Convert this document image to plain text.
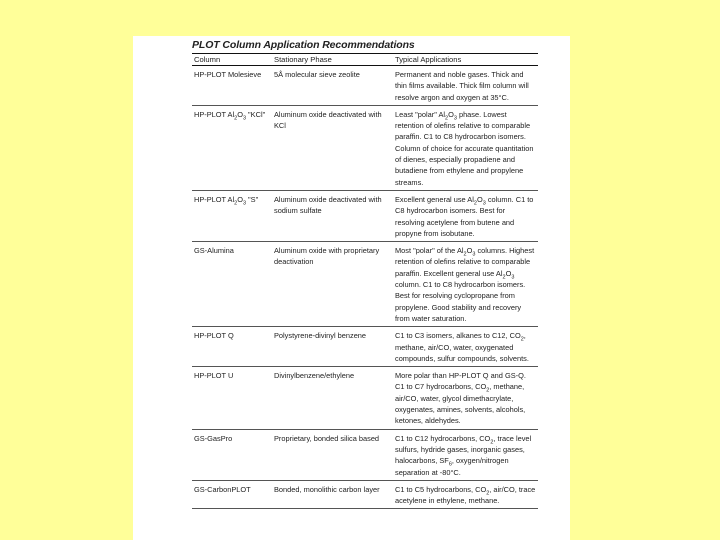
PLOT Column Application Recommendations
Column	Stationary Phase	Typical Applications
HP-PLOT Molesieve	5Å molecular sieve zeolite	Permanent and noble gases. Thick and thin films available. Thick film column will resolve argon and oxygen at 35°C.
HP-PLOT $Al_2O_3$ "KCl"	Aluminum oxide deactivated with KCl	Least "polar" $Al_2O_3$ phase. Lowest retention of olefins relative to comparable paraffin. C1 to C8 hydrocarbon isomers. Column of choice for accurate quantitation of dienes, especially propadiene and butadiene from ethylene and propylene streams.
HP-PLOT $Al_2O_3$ "S"	Aluminum oxide deactivated with sodium sulfate	Excellent general use $Al_2O_3$ column. C1 to C8 hydrocarbon isomers. Best for resolving acetylene from butene and propyne from isobutane.
GS-Alumina	Aluminum oxide with proprietary deactivation	Most "polar" of the $Al_2O_3$ columns. Highest retention of olefins relative to comparable paraffin. Excellent general use $Al_2O_3$ column. C1 to C8 hydrocarbon isomers. Best for resolving cyclopropane from propylene. Good stability and recovery from water saturation.
HP-PLOT Q	Polystyrene-divinyl benzene	C1 to C3 isomers, alkanes to C12, $CO_2$, methane, air/CO, water, oxygenated compounds, sulfur compounds, solvents.
HP-PLOT U	Divinylbenzene/ethylene	More polar than HP-PLOT Q and GS-Q. C1 to C7 hydrocarbons, $CO_2$, methane, air/CO, water, glycol dimethacrylate, oxygenates, amines, solvents, alcohols, ketones, aldehydes.
GS-GasPro	Proprietary, bonded silica based	C1 to C12 hydrocarbons, $CO_2$, trace level sulfurs, hydride gases, inorganic gases, halocarbons, $SF_6$, oxygen/nitrogen separation at -80°C.
GS-CarbonPLOT	Bonded, monolithic carbon layer	C1 to C5 hydrocarbons, $CO_2$, air/CO, trace acetylene in ethylene, methane.
